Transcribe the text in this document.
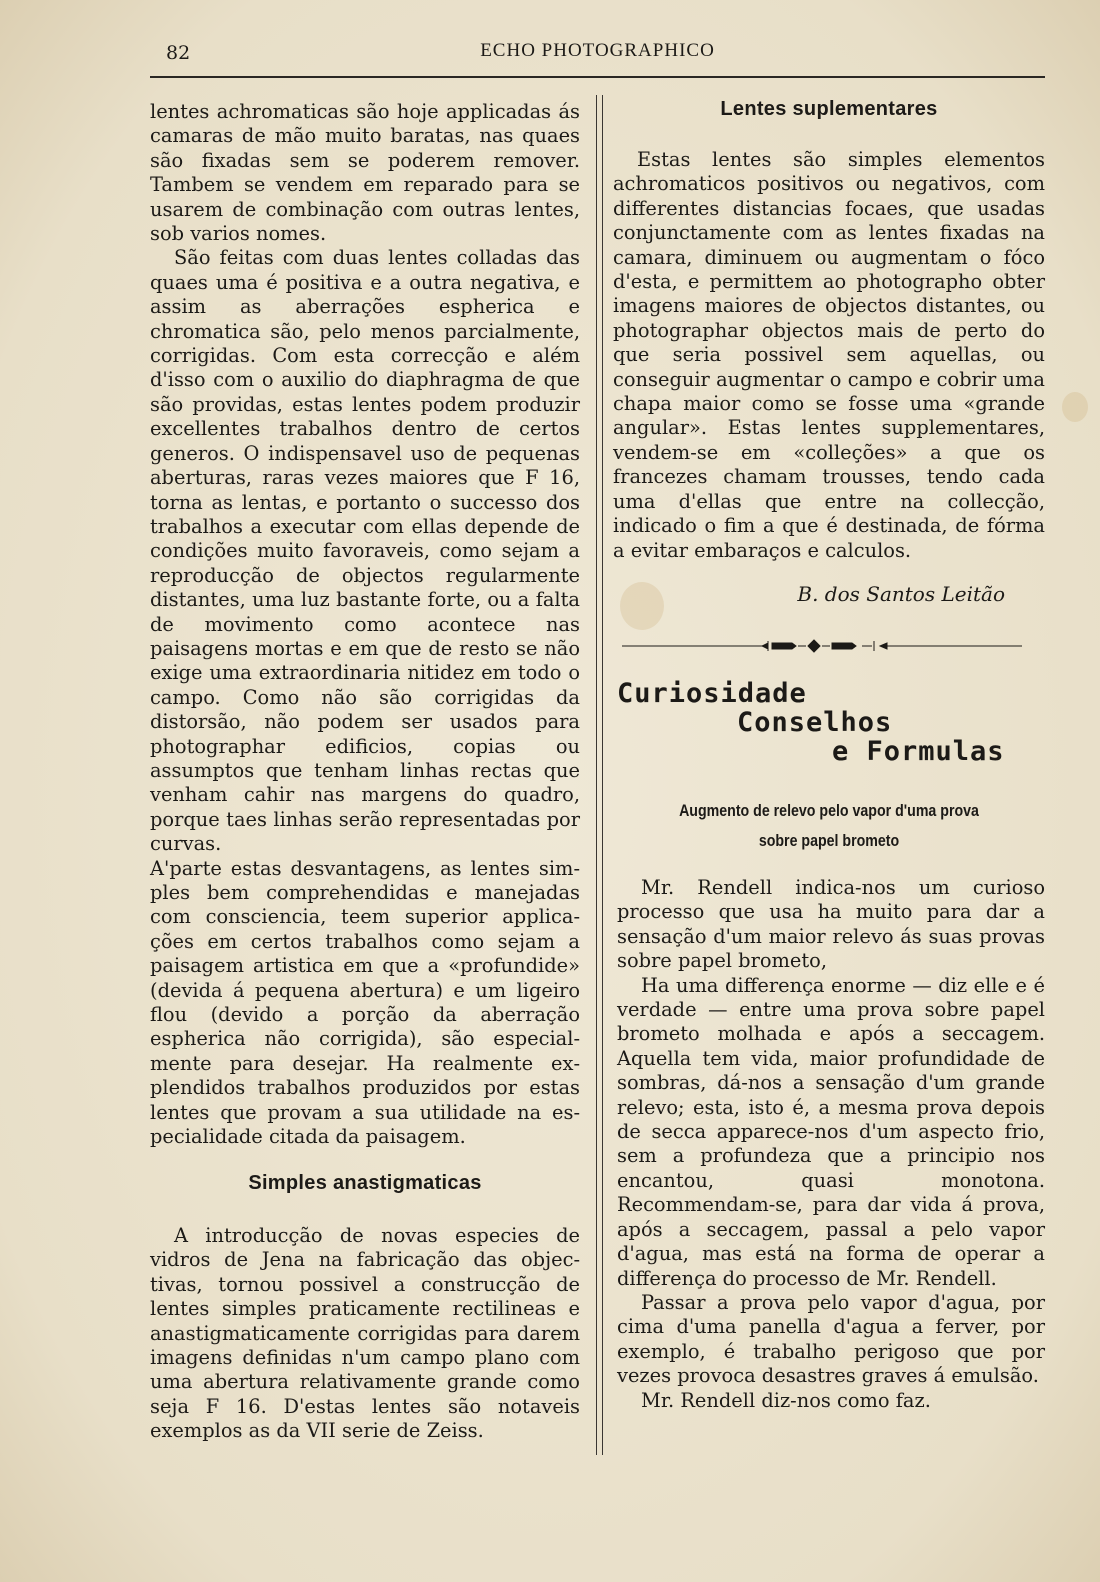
82	ECHO PHOTOGRAPHICO

lentes achromaticas são hoje applicadas ás camaras de mão muito baratas, nas quaes são fixadas sem se poderem remover. Tambem se vendem em reparado para se usarem de combinação com outras lentes, sob varios nomes.

São feitas com duas lentes colladas das quaes uma é positiva e a outra negativa, e assim as aberrações espherica e chromatica são, pelo menos parcialmente, corrigidas. Com esta correcção e além d'isso com o auxilio do diaphragma de que são providas, estas lentes podem produzir excellentes trabalhos dentro de certos generos. O indispensavel uso de pequenas aberturas, raras vezes maiores que F 16, torna as lentas, e portanto o successo dos trabalhos a executar com ellas depende de condições muito favoraveis, como sejam a reproducção de objectos regularmente distantes, uma luz bastante forte, ou a falta de movimento como acontece nas paisagens mortas e em que de resto se não exige uma extraordinaria nitidez em todo o campo. Como não são corrigidas da distorsão, não podem ser usados para photographar edificios, copias ou assumptos que tenham linhas rectas que venham cahir nas margens do quadro, porque taes linhas serão representadas por curvas.

A'parte estas desvantagens, as lentes simples bem comprehendidas e manejadas com consciencia, teem superior applicações em certos trabalhos como sejam a paisagem artistica em que a «profundide» (devida á pequena abertura) e um ligeiro flou (devido a porção da aberração espherica não corrigida), são especialmente para desejar. Ha realmente explendidos trabalhos produzidos por estas lentes que provam a sua utilidade na especialidade citada da paisagem.

Simples anastigmaticas

A introducção de novas especies de vidros de Jena na fabricação das objectivas, tornou possivel a construcção de lentes simples praticamente rectilineas e anastigmaticamente corrigidas para darem imagens definidas n'um campo plano com uma abertura relativamente grande como seja F 16. D'estas lentes são notaveis exemplos as da VII serie de Zeiss.

Lentes suplementares

Estas lentes são simples elementos achromaticos positivos ou negativos, com differentes distancias focaes, que usadas conjunctamente com as lentes fixadas na camara, diminuem ou augmentam o fóco d'esta, e permittem ao photographo obter imagens maiores de objectos distantes, ou photographar objectos mais de perto do que seria possivel sem aquellas, ou conseguir augmentar o campo e cobrir uma chapa maior como se fosse uma «grande angular». Estas lentes supplementares, vendem-se em «colleções» a que os francezes chamam trousses, tendo cada uma d'ellas que entre na collecção, indicado o fim a que é destinada, de fórma a evitar embaraços e calculos.

B. dos Santos Leitão
Curiosidade
Conselhos
e Formulas
Augmento de relevo pelo vapor d'uma prova
sobre papel brometo

Mr. Rendell indica-nos um curioso processo que usa ha muito para dar a sensação d'um maior relevo ás suas provas sobre papel brometo,

Ha uma differença enorme — diz elle e é verdade — entre uma prova sobre papel brometo molhada e após a seccagem. Aquella tem vida, maior profundidade de sombras, dá-nos a sensação d'um grande relevo; esta, isto é, a mesma prova depois de secca apparece-nos d'um aspecto frio, sem a profundeza que a principio nos encantou, quasi monotona. Recommendam-se, para dar vida á prova, após a seccagem, passal a pelo vapor d'agua, mas está na forma de operar a differença do processo de Mr. Rendell.

Passar a prova pelo vapor d'agua, por cima d'uma panella d'agua a ferver, por exemplo, é trabalho perigoso que por vezes provoca desastres graves á emulsão.

Mr. Rendell diz-nos como faz.
